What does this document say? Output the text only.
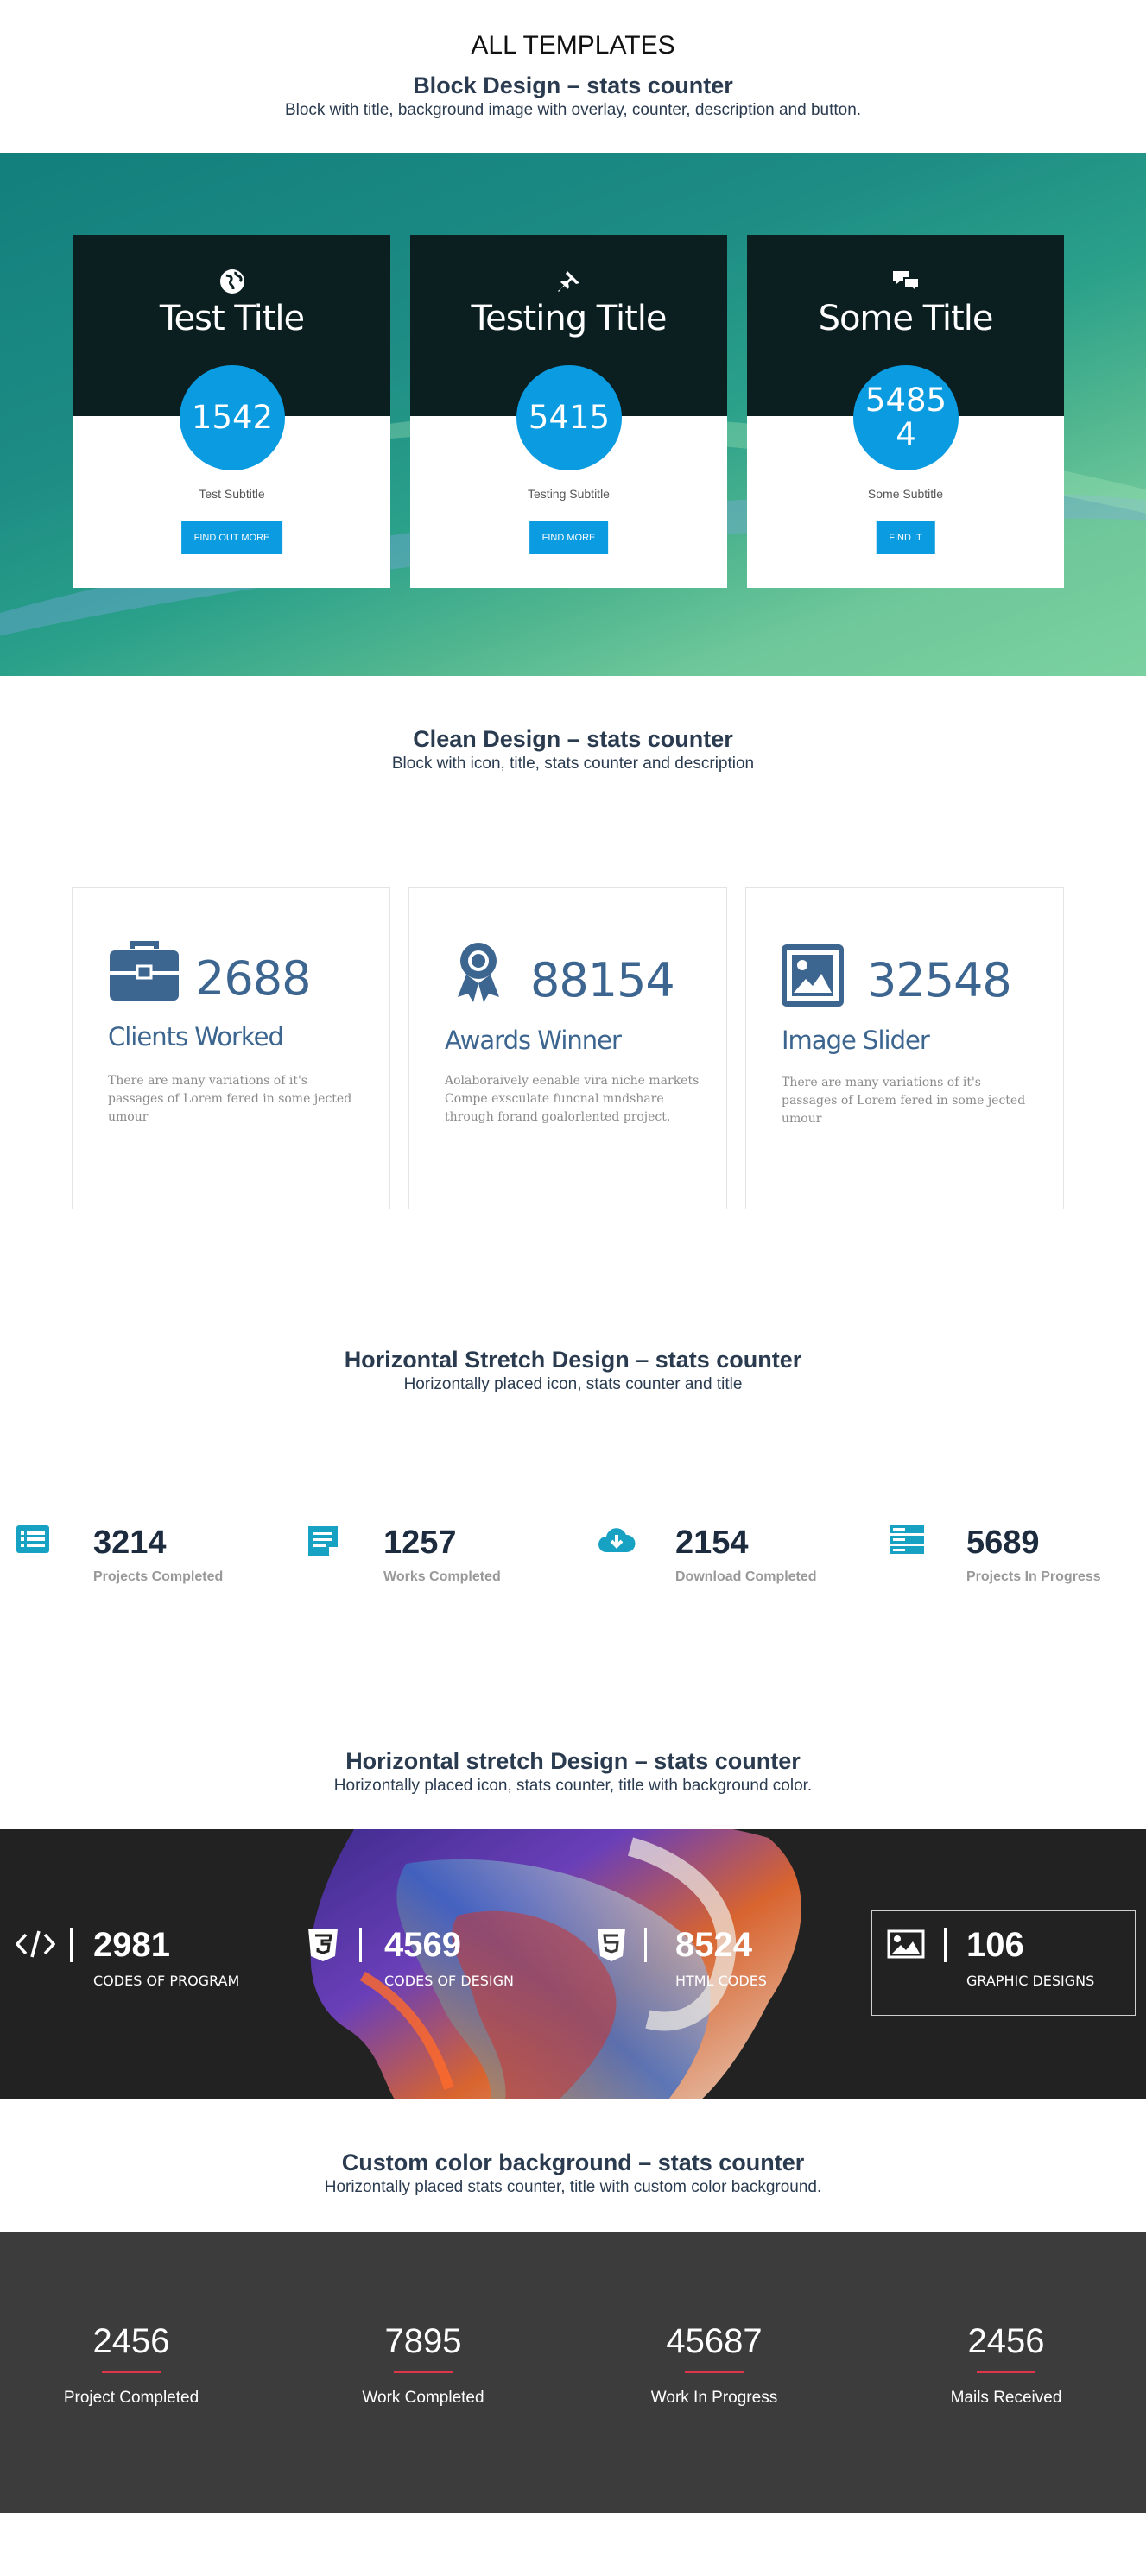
ALL TEMPLATES
Block Design – stats counter
Block with title, background image with overlay, counter, description and button.
Test Title
1542
Test Subtitle
FIND OUT MORE
Testing Title
5415
Testing Subtitle
FIND MORE
Some Title
5485
4
Some Subtitle
FIND IT
Clean Design – stats counter
Block with icon, title, stats counter and description
2688
Clients Worked
There are many variations of it's passages of Lorem fered in some jected umour
88154
Awards Winner
Aolaboraively eenable vira niche markets Compe exsculate funcnal mndshare through forand goalorlented project.
32548
Image Slider
There are many variations of it's passages of Lorem fered in some jected umour
Horizontal Stretch Design – stats counter
Horizontally placed icon, stats counter and title
3214
Projects Completed
1257
Works Completed
2154
Download Completed
5689
Projects In Progress
Horizontal stretch Design – stats counter
Horizontally placed icon, stats counter, title with background color.
2981
CODES OF PROGRAM
4569
CODES OF DESIGN
8524
HTML CODES
106
GRAPHIC DESIGNS
Custom color background – stats counter
Horizontally placed stats counter, title with custom color background.
2456
Project Completed
7895
Work Completed
45687
Work In Progress
2456
Mails Received
